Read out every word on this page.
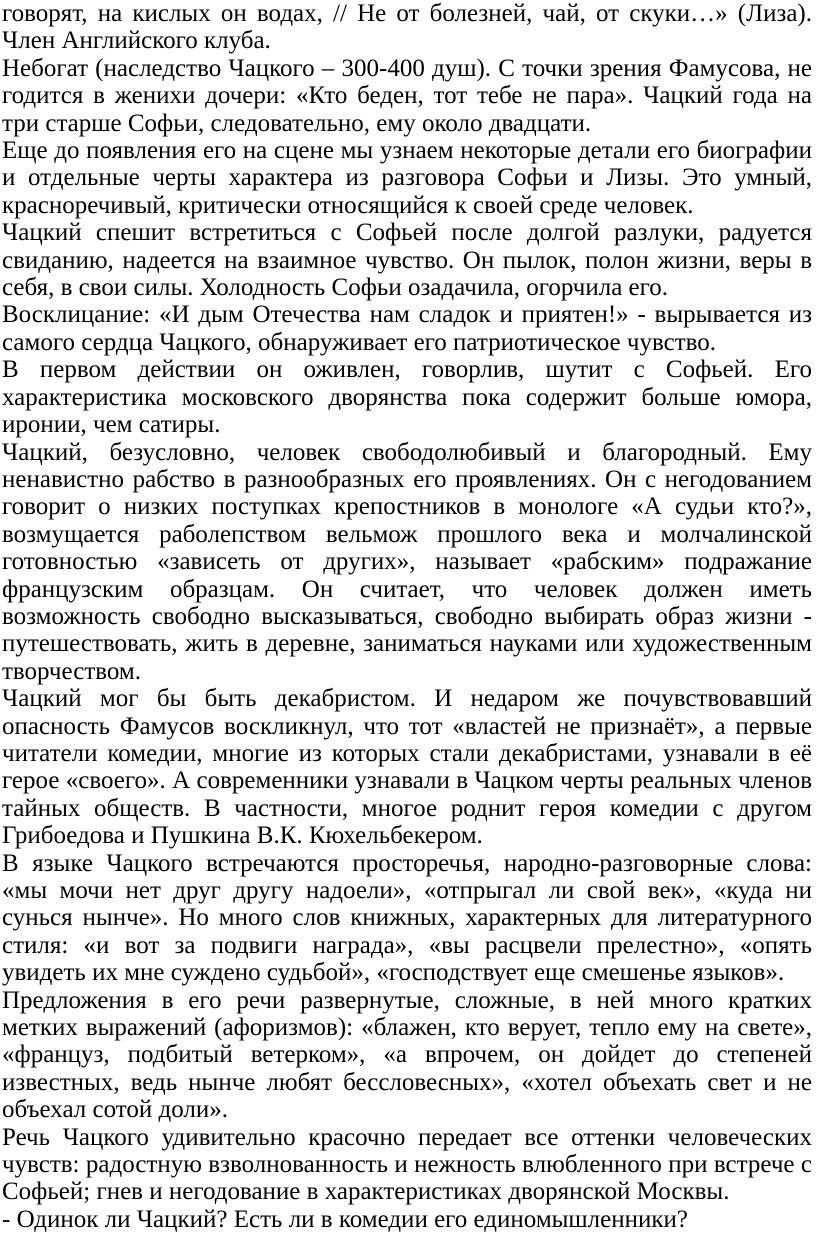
говорят, на кислых он водах, // Не от болезней, чай, от скуки…» (Лиза). Член Английского клуба.

Небогат (наследство Чацкого – 300-400 душ). С точки зрения Фамусова, не годится в женихи дочери: «Кто беден, тот тебе не пара». Чацкий года на три старше Софьи, следовательно, ему около двадцати.

Еще до появления его на сцене мы узнаем некоторые детали его биографии и отдельные черты характера из разговора Софьи и Лизы. Это умный, красноречивый, критически относящийся к своей среде человек.

Чацкий спешит встретиться с Софьей после долгой разлуки, радуется свиданию, надеется на взаимное чувство. Он пылок, полон жизни, веры в себя, в свои силы. Холодность Софьи озадачила, огорчила его.

Восклицание: «И дым Отечества нам сладок и приятен!» - вырывается из самого сердца Чацкого, обнаруживает его патриотическое чувство.

В первом действии он оживлен, говорлив, шутит с Софьей. Его характеристика московского дворянства пока содержит больше юмора, иронии, чем сатиры.

Чацкий, безусловно, человек свободолюбивый и благородный. Ему ненавистно рабство в разнообразных его проявлениях. Он с негодованием говорит о низких поступках крепостников в монологе «А судьи кто?», возмущается раболепством вельмож прошлого века и молчалинской готовностью «зависеть от других», называет «рабским» подражание французским образцам. Он считает, что человек должен иметь возможность свободно высказываться, свободно выбирать образ жизни - путешествовать, жить в деревне, заниматься науками или художественным творчеством.

Чацкий мог бы быть декабристом. И недаром же почувствовавший опасность Фамусов воскликнул, что тот «властей не признаёт», а первые читатели комедии, многие из которых стали декабристами, узнавали в её герое «своего». А современники узнавали в Чацком черты реальных членов тайных обществ. В частности, многое роднит героя комедии с другом Грибоедова и Пушкина В.К. Кюхельбекером.

В языке Чацкого встречаются просторечья, народно-разговорные слова: «мы мочи нет друг другу надоели», «отпрыгал ли свой век», «куда ни сунься нынче». Но много слов книжных, характерных для литературного стиля: «и вот за подвиги награда», «вы расцвели прелестно», «опять увидеть их мне суждено судьбой», «господствует еще смешенье языков».

Предложения в его речи развернутые, сложные, в ней много кратких метких выражений (афоризмов): «блажен, кто верует, тепло ему на свете», «француз, подбитый ветерком», «а впрочем, он дойдет до степеней известных, ведь нынче любят бессловесных», «хотел объехать свет и не объехал сотой доли».

Речь Чацкого удивительно красочно передает все оттенки человеческих чувств: радостную взволнованность и нежность влюбленного при встрече с Софьей; гнев и негодование в характеристиках дворянской Москвы.

- Одинок ли Чацкий? Есть ли в комедии его единомышленники?
